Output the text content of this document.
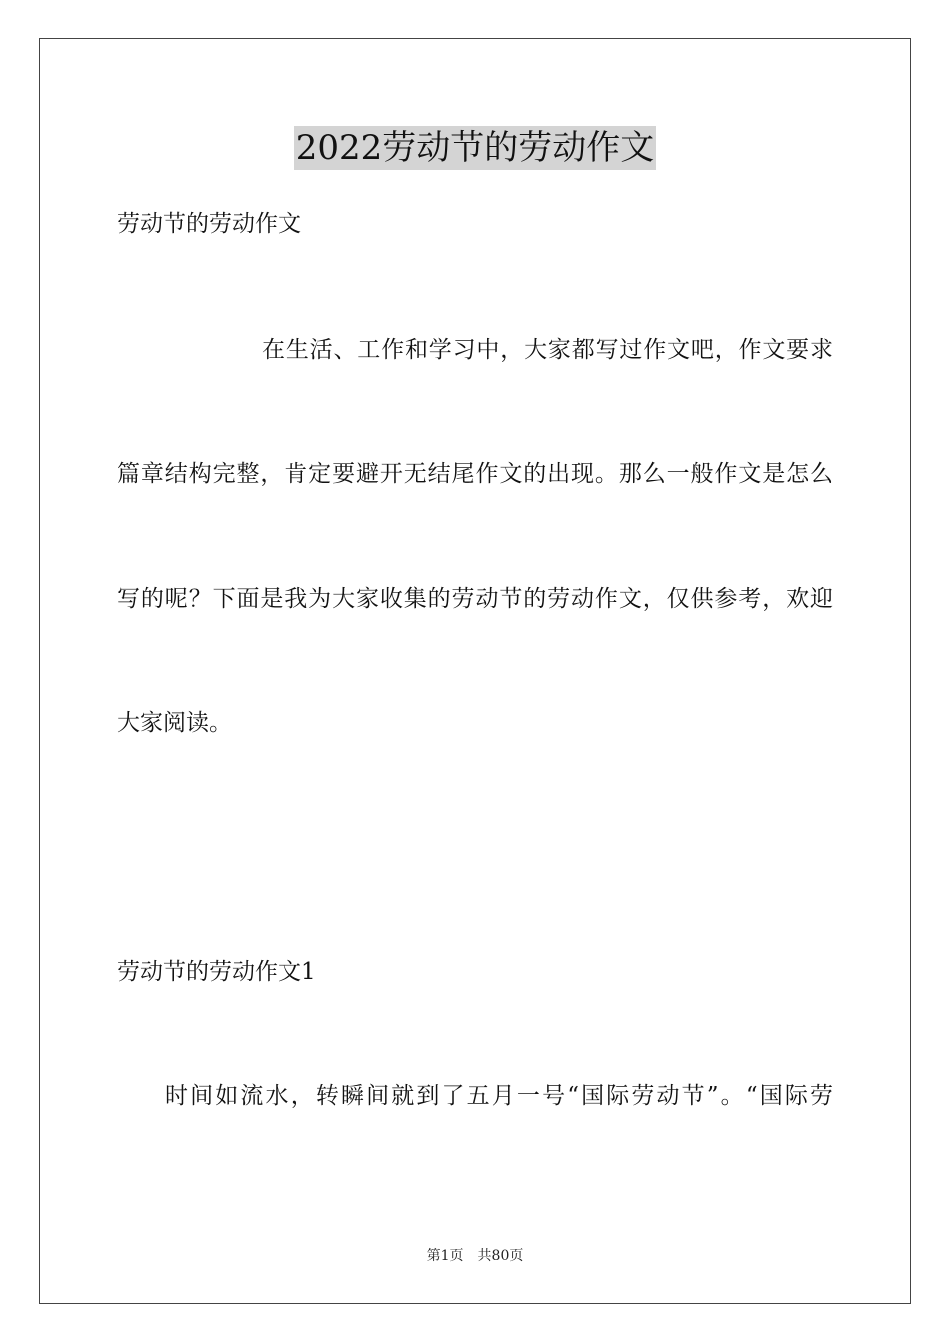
2022劳动节的劳动作文

劳动节的劳动作文

在生活、工作和学习中，大家都写过作文吧，作文要求

篇章结构完整，肯定要避开无结尾作文的出现。那么一般作文是怎么

写的呢？下面是我为大家收集的劳动节的劳动作文，仅供参考，欢迎

大家阅读。

劳动节的劳动作文1

时间如流水，转瞬间就到了五月一号“国际劳动节”。“国际劳

第1页　共80页
